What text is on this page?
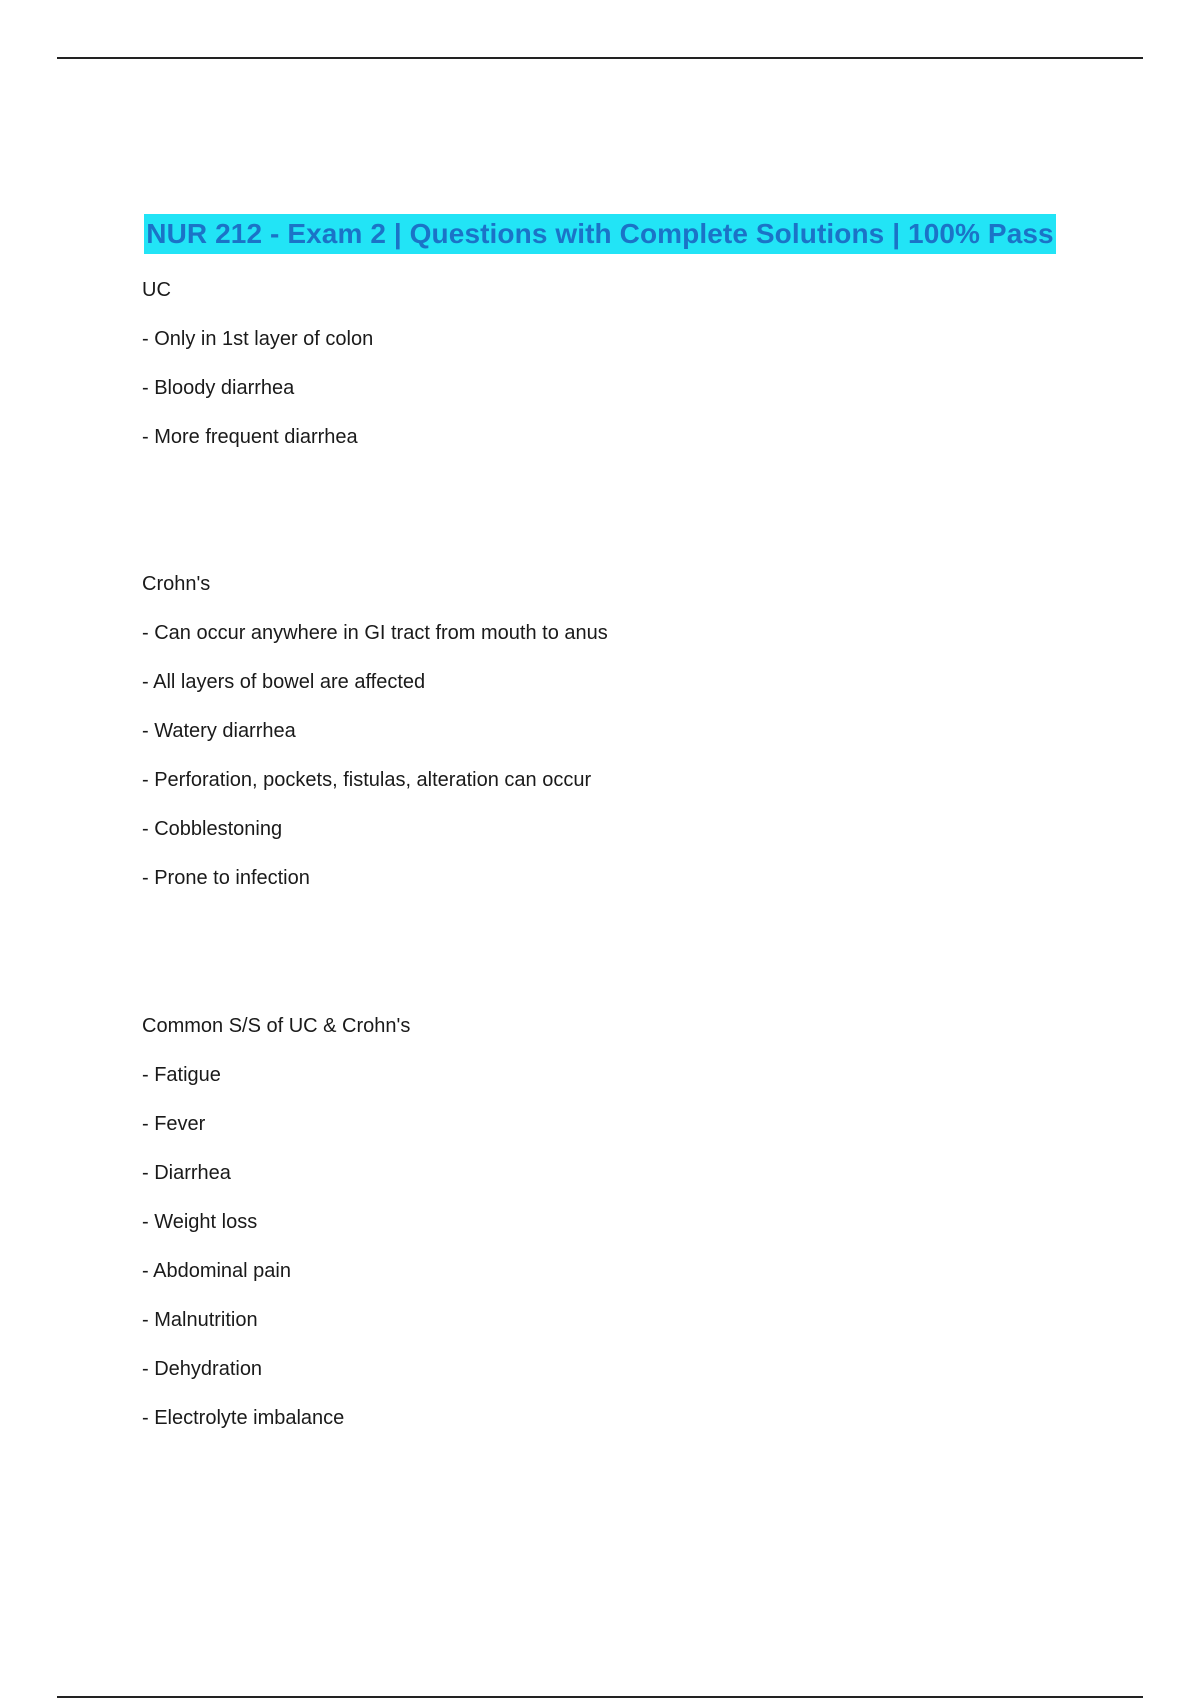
NUR 212 - Exam 2 | Questions with Complete Solutions | 100% Pass
UC
- Only in 1st layer of colon
- Bloody diarrhea
- More frequent diarrhea
Crohn's
- Can occur anywhere in GI tract from mouth to anus
- All layers of bowel are affected
- Watery diarrhea
- Perforation, pockets, fistulas, alteration can occur
- Cobblestoning
- Prone to infection
Common S/S of UC & Crohn's
- Fatigue
- Fever
- Diarrhea
- Weight loss
- Abdominal pain
- Malnutrition
- Dehydration
- Electrolyte imbalance
